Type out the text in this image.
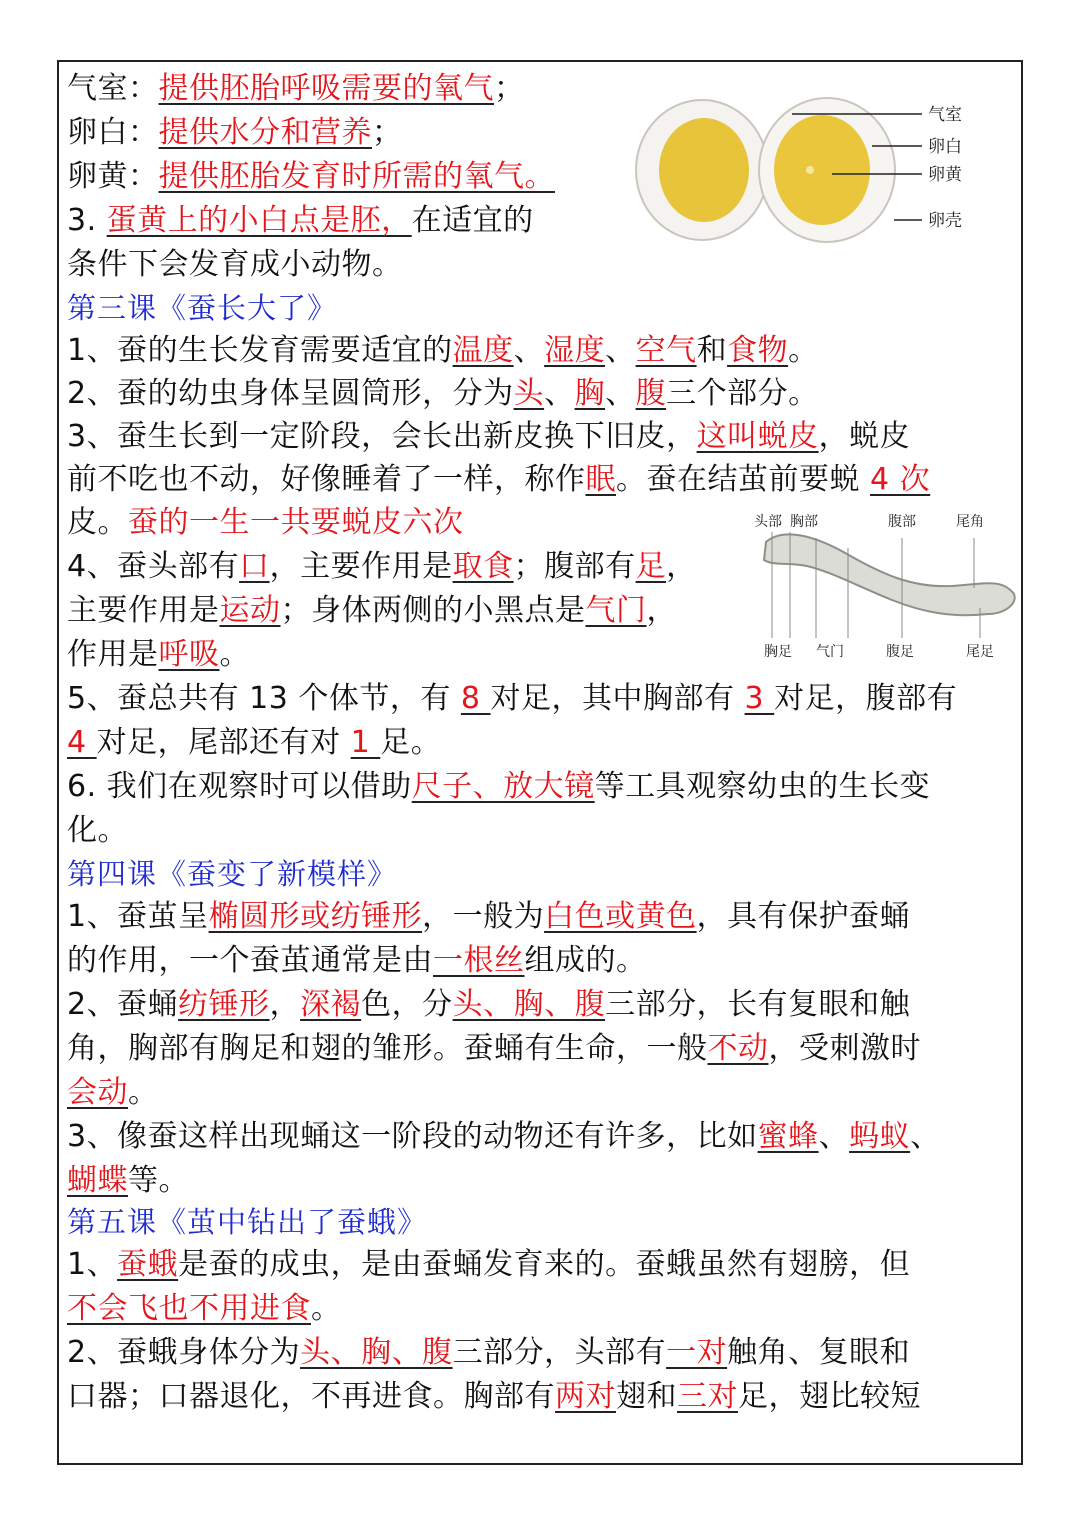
气室：提供胚胎呼吸需要的氧气；
卵白：提供水分和营养；
卵黄：提供胚胎发育时所需的氧气。
3. 蛋黄上的小白点是胚，在适宜的
条件下会发育成小动物。
气室
卵白
卵黄
卵壳
第三课《蚕长大了》
1、蚕的生长发育需要适宜的温度、湿度、空气和食物。
2、蚕的幼虫身体呈圆筒形，分为头、胸、腹三个部分。
3、蚕生长到一定阶段，会长出新皮换下旧皮，这叫蜕皮，蜕皮
前不吃也不动，好像睡着了一样，称作眠。蚕在结茧前要蜕 4 次
皮。蚕的一生一共要蜕皮六次
4、蚕头部有口，主要作用是取食；腹部有足，
主要作用是运动；身体两侧的小黑点是气门，
作用是呼吸。
头部 胸部	腹部	尾角
胸足 气门	腹足	尾足
5、蚕总共有 13 个体节，有 8 对足，其中胸部有 3 对足，腹部有
4 对足，尾部还有对 1 足。
6. 我们在观察时可以借助尺子、放大镜等工具观察幼虫的生长变
化。
第四课《蚕变了新模样》
1、蚕茧呈椭圆形或纺锤形，一般为白色或黄色，具有保护蚕蛹
的作用，一个蚕茧通常是由一根丝组成的。
2、蚕蛹纺锤形，深褐色，分头、胸、腹三部分，长有复眼和触
角，胸部有胸足和翅的雏形。蚕蛹有生命，一般不动，受刺激时
会动。
3、像蚕这样出现蛹这一阶段的动物还有许多，比如蜜蜂、蚂蚁、
蝴蝶等。
第五课《茧中钻出了蚕蛾》
1、蚕蛾是蚕的成虫，是由蚕蛹发育来的。蚕蛾虽然有翅膀，但
不会飞也不用进食。
2、蚕蛾身体分为头、胸、腹三部分，头部有一对触角、复眼和
口器；口器退化，不再进食。胸部有两对翅和三对足，翅比较短
